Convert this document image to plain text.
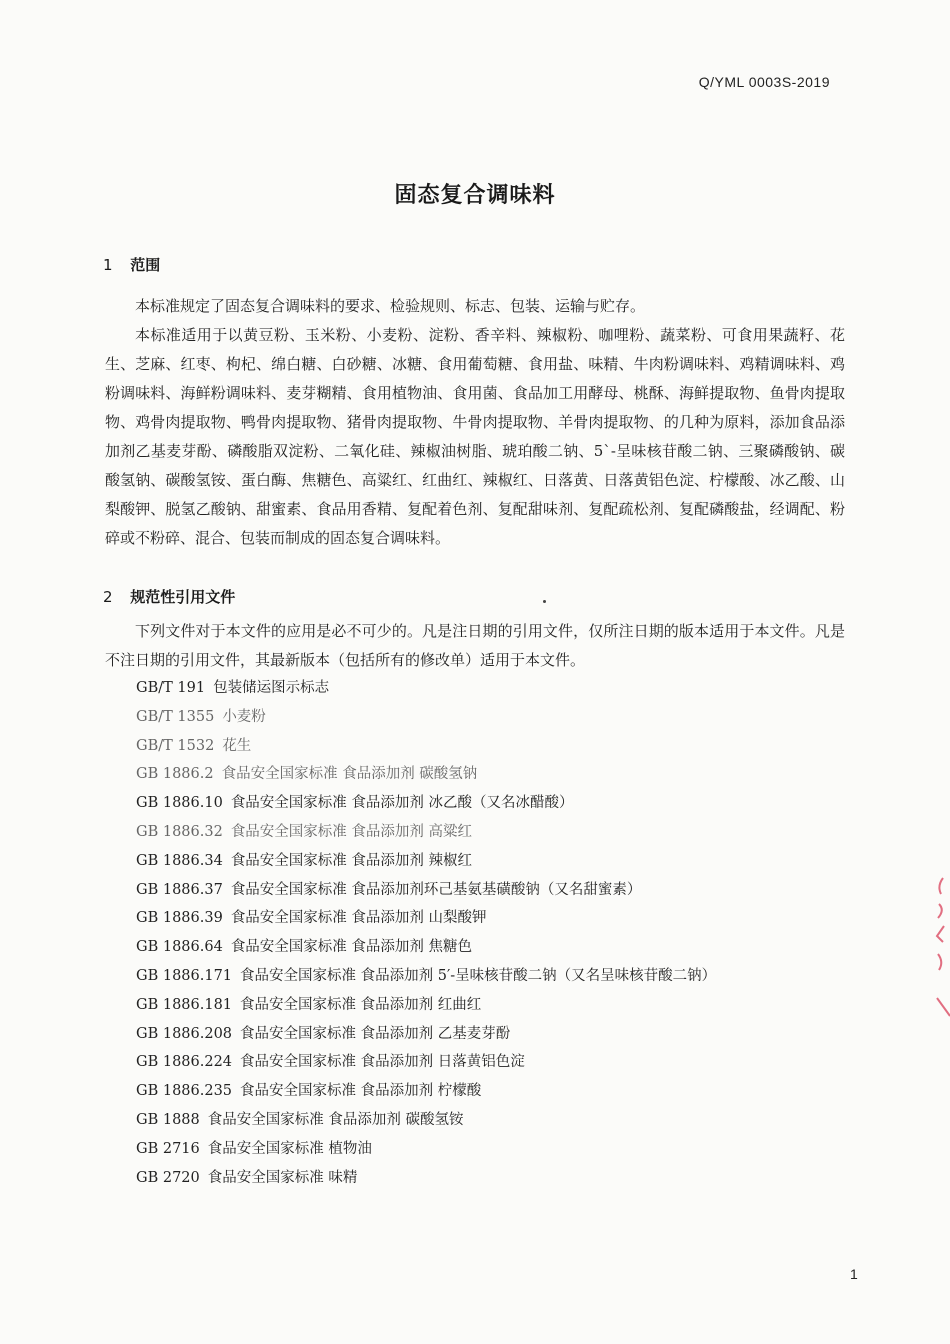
Q/YML 0003S-2019
固态复合调味料
1 范围

本标准规定了固态复合调味料的要求、检验规则、标志、包装、运输与贮存。

本标准适用于以黄豆粉、玉米粉、小麦粉、淀粉、香辛料、辣椒粉、咖哩粉、蔬菜粉、可食用果蔬籽、花生、芝麻、红枣、枸杞、绵白糖、白砂糖、冰糖、食用葡萄糖、食用盐、味精、牛肉粉调味料、鸡精调味料、鸡粉调味料、海鲜粉调味料、麦芽糊精、食用植物油、食用菌、食品加工用酵母、桃酥、海鲜提取物、鱼骨肉提取物、鸡骨肉提取物、鸭骨肉提取物、猪骨肉提取物、牛骨肉提取物、羊骨肉提取物、的几种为原料，添加食品添加剂乙基麦芽酚、磷酸脂双淀粉、二氧化硅、辣椒油树脂、琥珀酸二钠、5`-呈味核苷酸二钠、三聚磷酸钠、碳酸氢钠、碳酸氢铵、蛋白酶、焦糖色、高粱红、红曲红、辣椒红、日落黄、日落黄铝色淀、柠檬酸、冰乙酸、山梨酸钾、脱氢乙酸钠、甜蜜素、食品用香精、复配着色剂、复配甜味剂、复配疏松剂、复配磷酸盐，经调配、粉碎或不粉碎、混合、包装而制成的固态复合调味料。

2 规范性引用文件

下列文件对于本文件的应用是必不可少的。凡是注日期的引用文件，仅所注日期的版本适用于本文件。凡是不注日期的引用文件，其最新版本（包括所有的修改单）适用于本文件。

GB/T 191 包装储运图示标志
GB/T 1355 小麦粉
GB/T 1532 花生
GB 1886.2 食品安全国家标准 食品添加剂 碳酸氢钠
GB 1886.10 食品安全国家标准 食品添加剂 冰乙酸（又名冰醋酸）
GB 1886.32 食品安全国家标准 食品添加剂 高粱红
GB 1886.34 食品安全国家标准 食品添加剂 辣椒红
GB 1886.37 食品安全国家标准 食品添加剂环己基氨基磺酸钠（又名甜蜜素）
GB 1886.39 食品安全国家标准 食品添加剂 山梨酸钾
GB 1886.64 食品安全国家标准 食品添加剂 焦糖色
GB 1886.171 食品安全国家标准 食品添加剂 5′-呈味核苷酸二钠（又名呈味核苷酸二钠）
GB 1886.181 食品安全国家标准 食品添加剂 红曲红
GB 1886.208 食品安全国家标准 食品添加剂 乙基麦芽酚
GB 1886.224 食品安全国家标准 食品添加剂 日落黄铝色淀
GB 1886.235 食品安全国家标准 食品添加剂 柠檬酸
GB 1888 食品安全国家标准 食品添加剂 碳酸氢铵
GB 2716 食品安全国家标准 植物油
GB 2720 食品安全国家标准 味精
1
